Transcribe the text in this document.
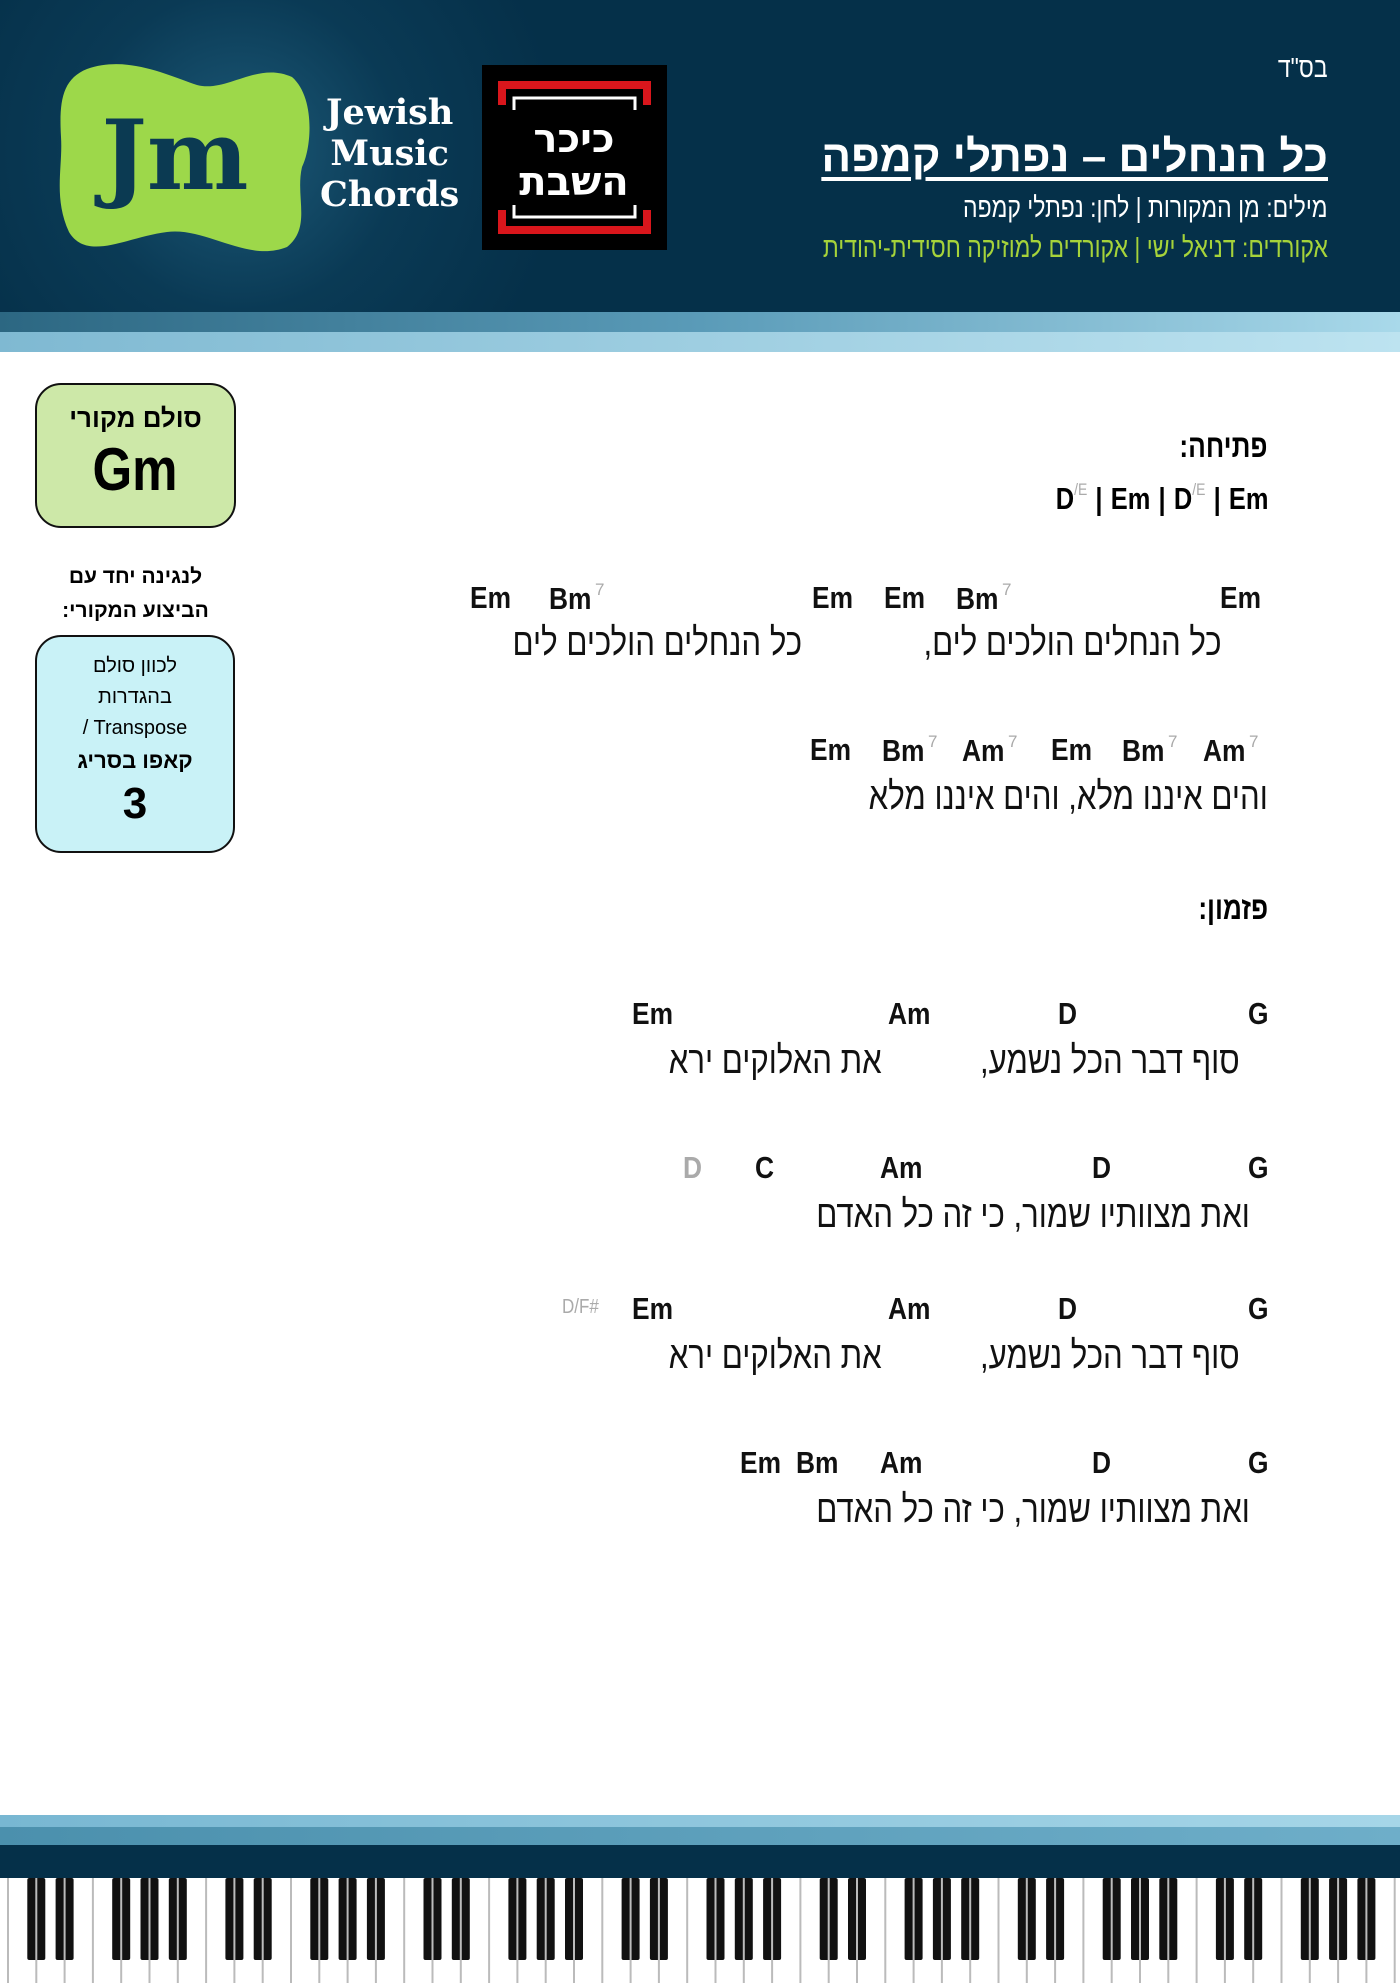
Jm Jewish
Music
Chords
כיכר
השבת
בס"ד
כל הנחלים – נפתלי קמפה
מילים: מן המקורות | לחן: נפתלי קמפה
אקורדים: דניאל ישי | אקורדים למוזיקה חסידית-יהודית
סולם מקורי
Gm
לנגינה יחד עם
הביצוע המקורי:
לכוון סולם
בהגדרות
/ Transpose
קאפו בסריג
3
פתיחה:
$D^{/E}$ | Em | $D^{/E}$ | Em
Em Bm $^7$	Em Em Bm $^7$	Em
כל הנחלים הולכים לים,
כל הנחלים הולכים לים
Em Bm $^7$ Am $^7$ Em Bm $^7$ Am $^7$
והים איננו מלא, והים איננו מלא
פזמון:
Em	Am	D	G
סוף דבר הכל נשמע,
את האלוקים ירא
D C	Am	D	G
ואת מצוותיו שמור, כי זה כל האדם
D/F# Em	Am	D	G
סוף דבר הכל נשמע,
את האלוקים ירא
Em Bm Am	D	G
ואת מצוותיו שמור, כי זה כל האדם
